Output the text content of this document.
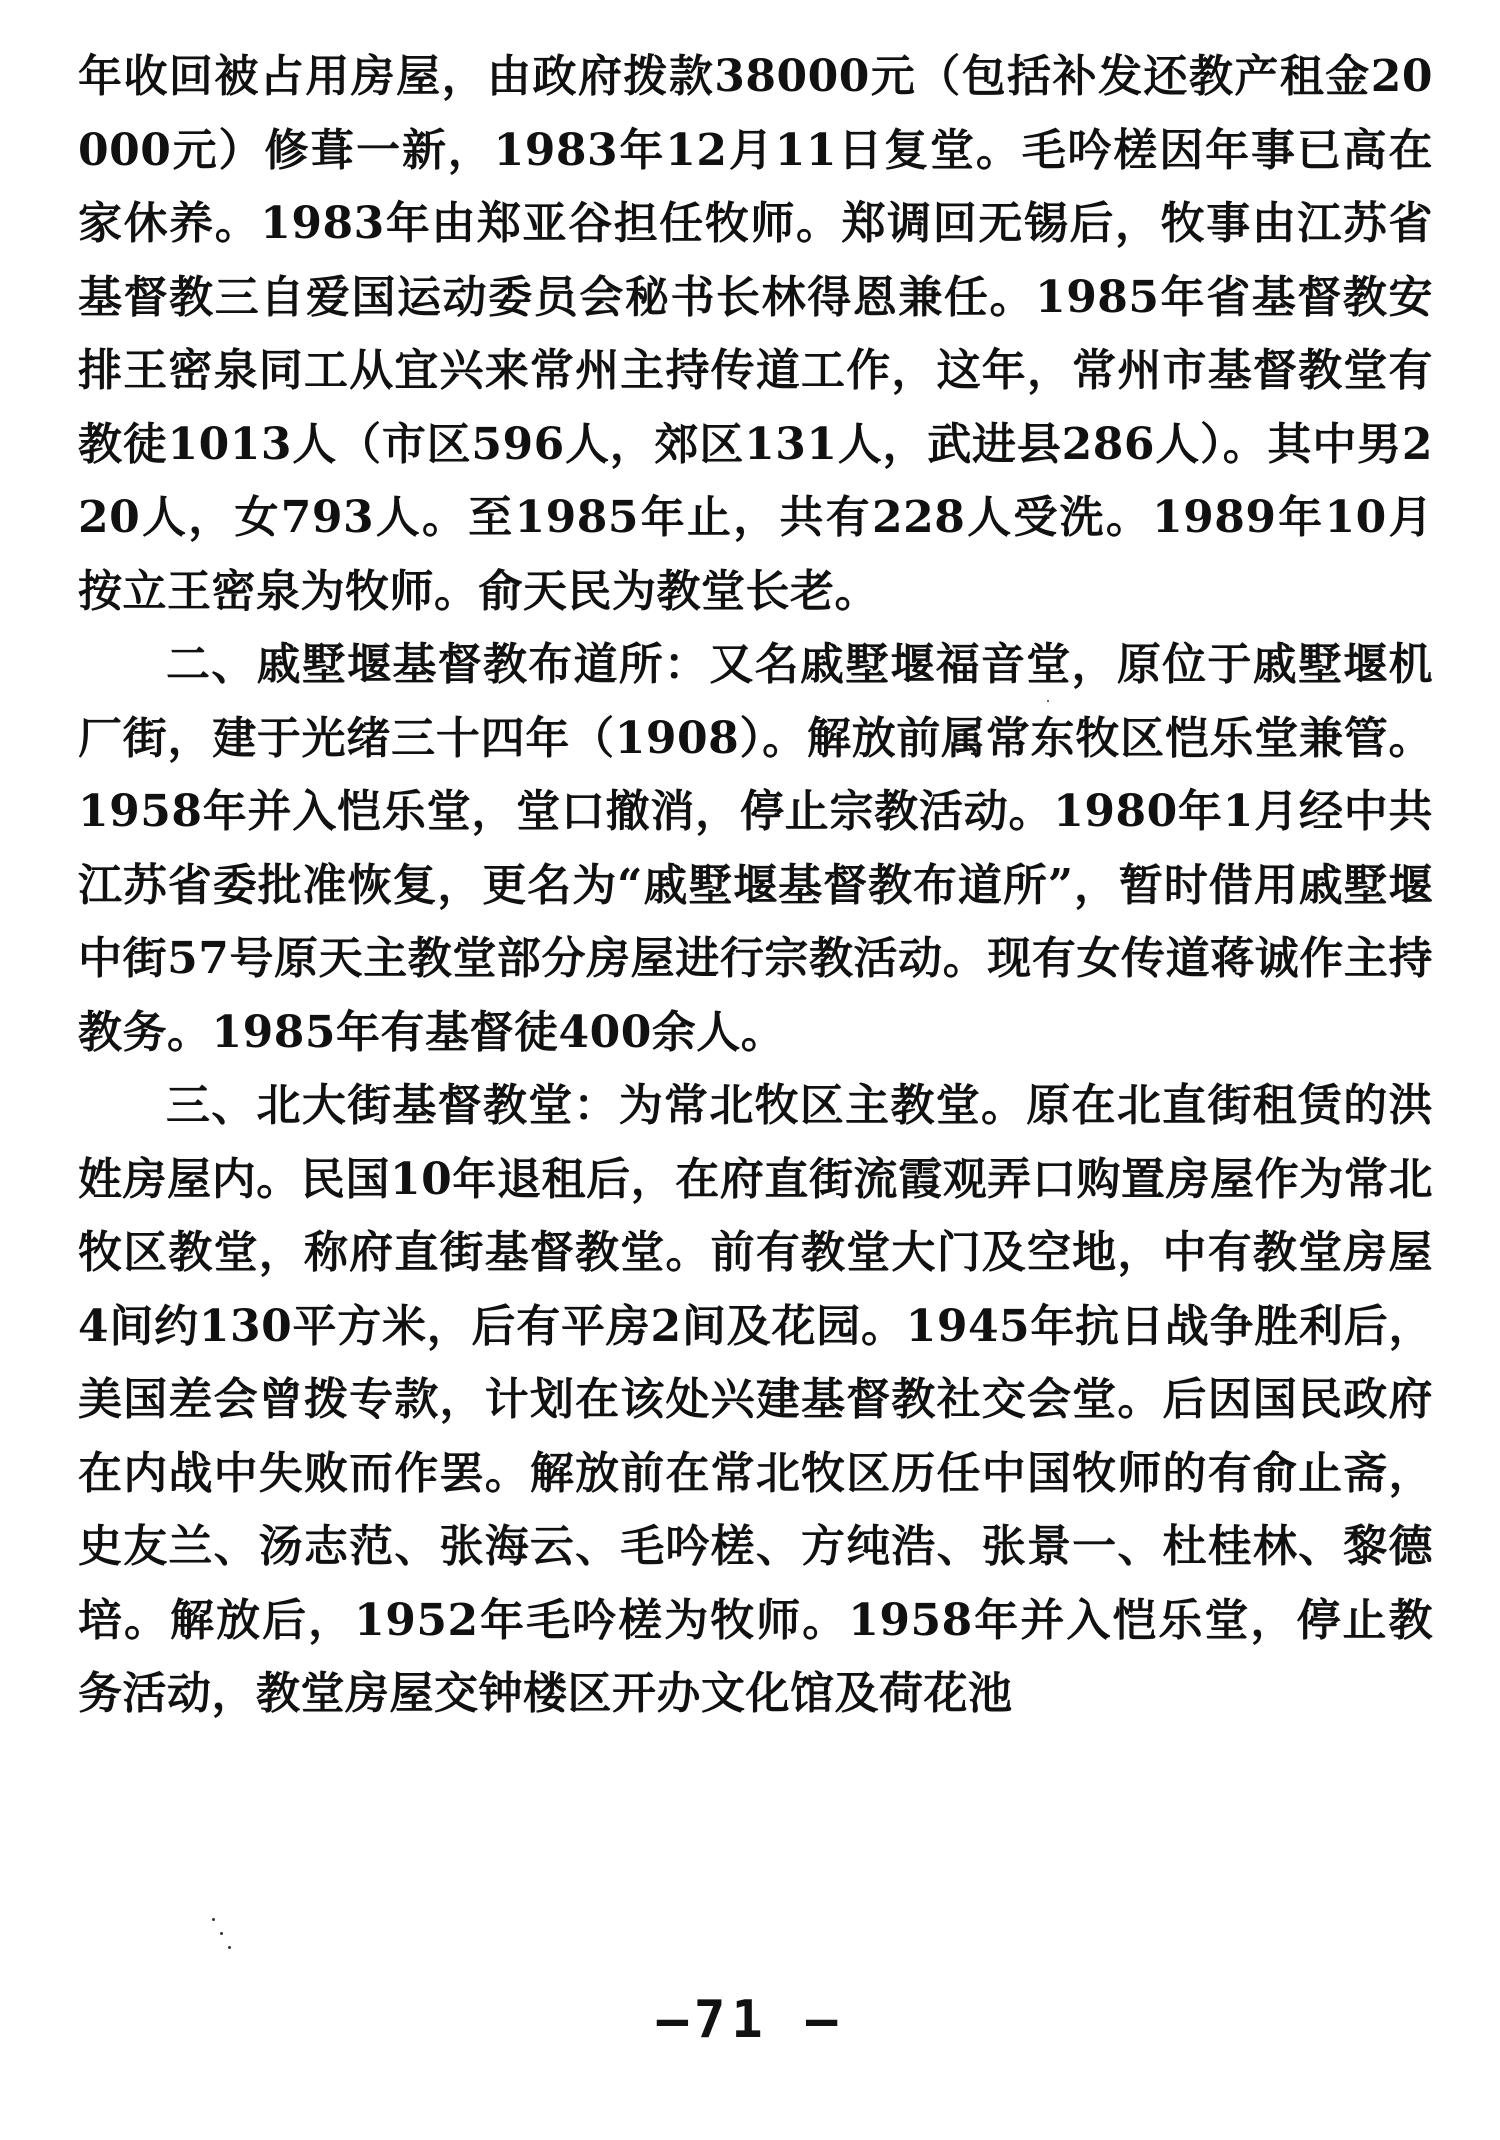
年收回被占用房屋，由政府拨款38000元（包括补发还教产租金20000元）修葺一新，1983年12月11日复堂。毛吟槎因年事已高在家休养。1983年由郑亚谷担任牧师。郑调回无锡后，牧事由江苏省基督教三自爱国运动委员会秘书长林得恩兼任。1985年省基督教安排王密泉同工从宜兴来常州主持传道工作，这年，常州市基督教堂有教徒1013人（市区596人，郊区131人，武进县286人）。其中男220人，女793人。至1985年止，共有228人受洗。1989年10月按立王密泉为牧师。俞天民为教堂长老。

二、戚墅堰基督教布道所：又名戚墅堰福音堂，原位于戚墅堰机厂街，建于光绪三十四年（1908）。解放前属常东牧区恺乐堂兼管。1958年并入恺乐堂，堂口撤消，停止宗教活动。1980年1月经中共江苏省委批准恢复，更名为“戚墅堰基督教布道所”，暂时借用戚墅堰中街57号原天主教堂部分房屋进行宗教活动。现有女传道蒋诚作主持教务。1985年有基督徒400余人。

三、北大街基督教堂：为常北牧区主教堂。原在北直街租赁的洪姓房屋内。民国10年退租后，在府直街流霞观弄口购置房屋作为常北牧区教堂，称府直街基督教堂。前有教堂大门及空地，中有教堂房屋4间约130平方米，后有平房2间及花园。1945年抗日战争胜利后，美国差会曾拨专款，计划在该处兴建基督教社交会堂。后因国民政府在内战中失败而作罢。解放前在常北牧区历任中国牧师的有俞止斋，史友兰、汤志范、张海云、毛吟槎、方纯浩、张景一、杜桂林、黎德培。解放后，1952年毛吟槎为牧师。1958年并入恺乐堂，停止教务活动，教堂房屋交钟楼区开办文化馆及荷花池

—71 —
